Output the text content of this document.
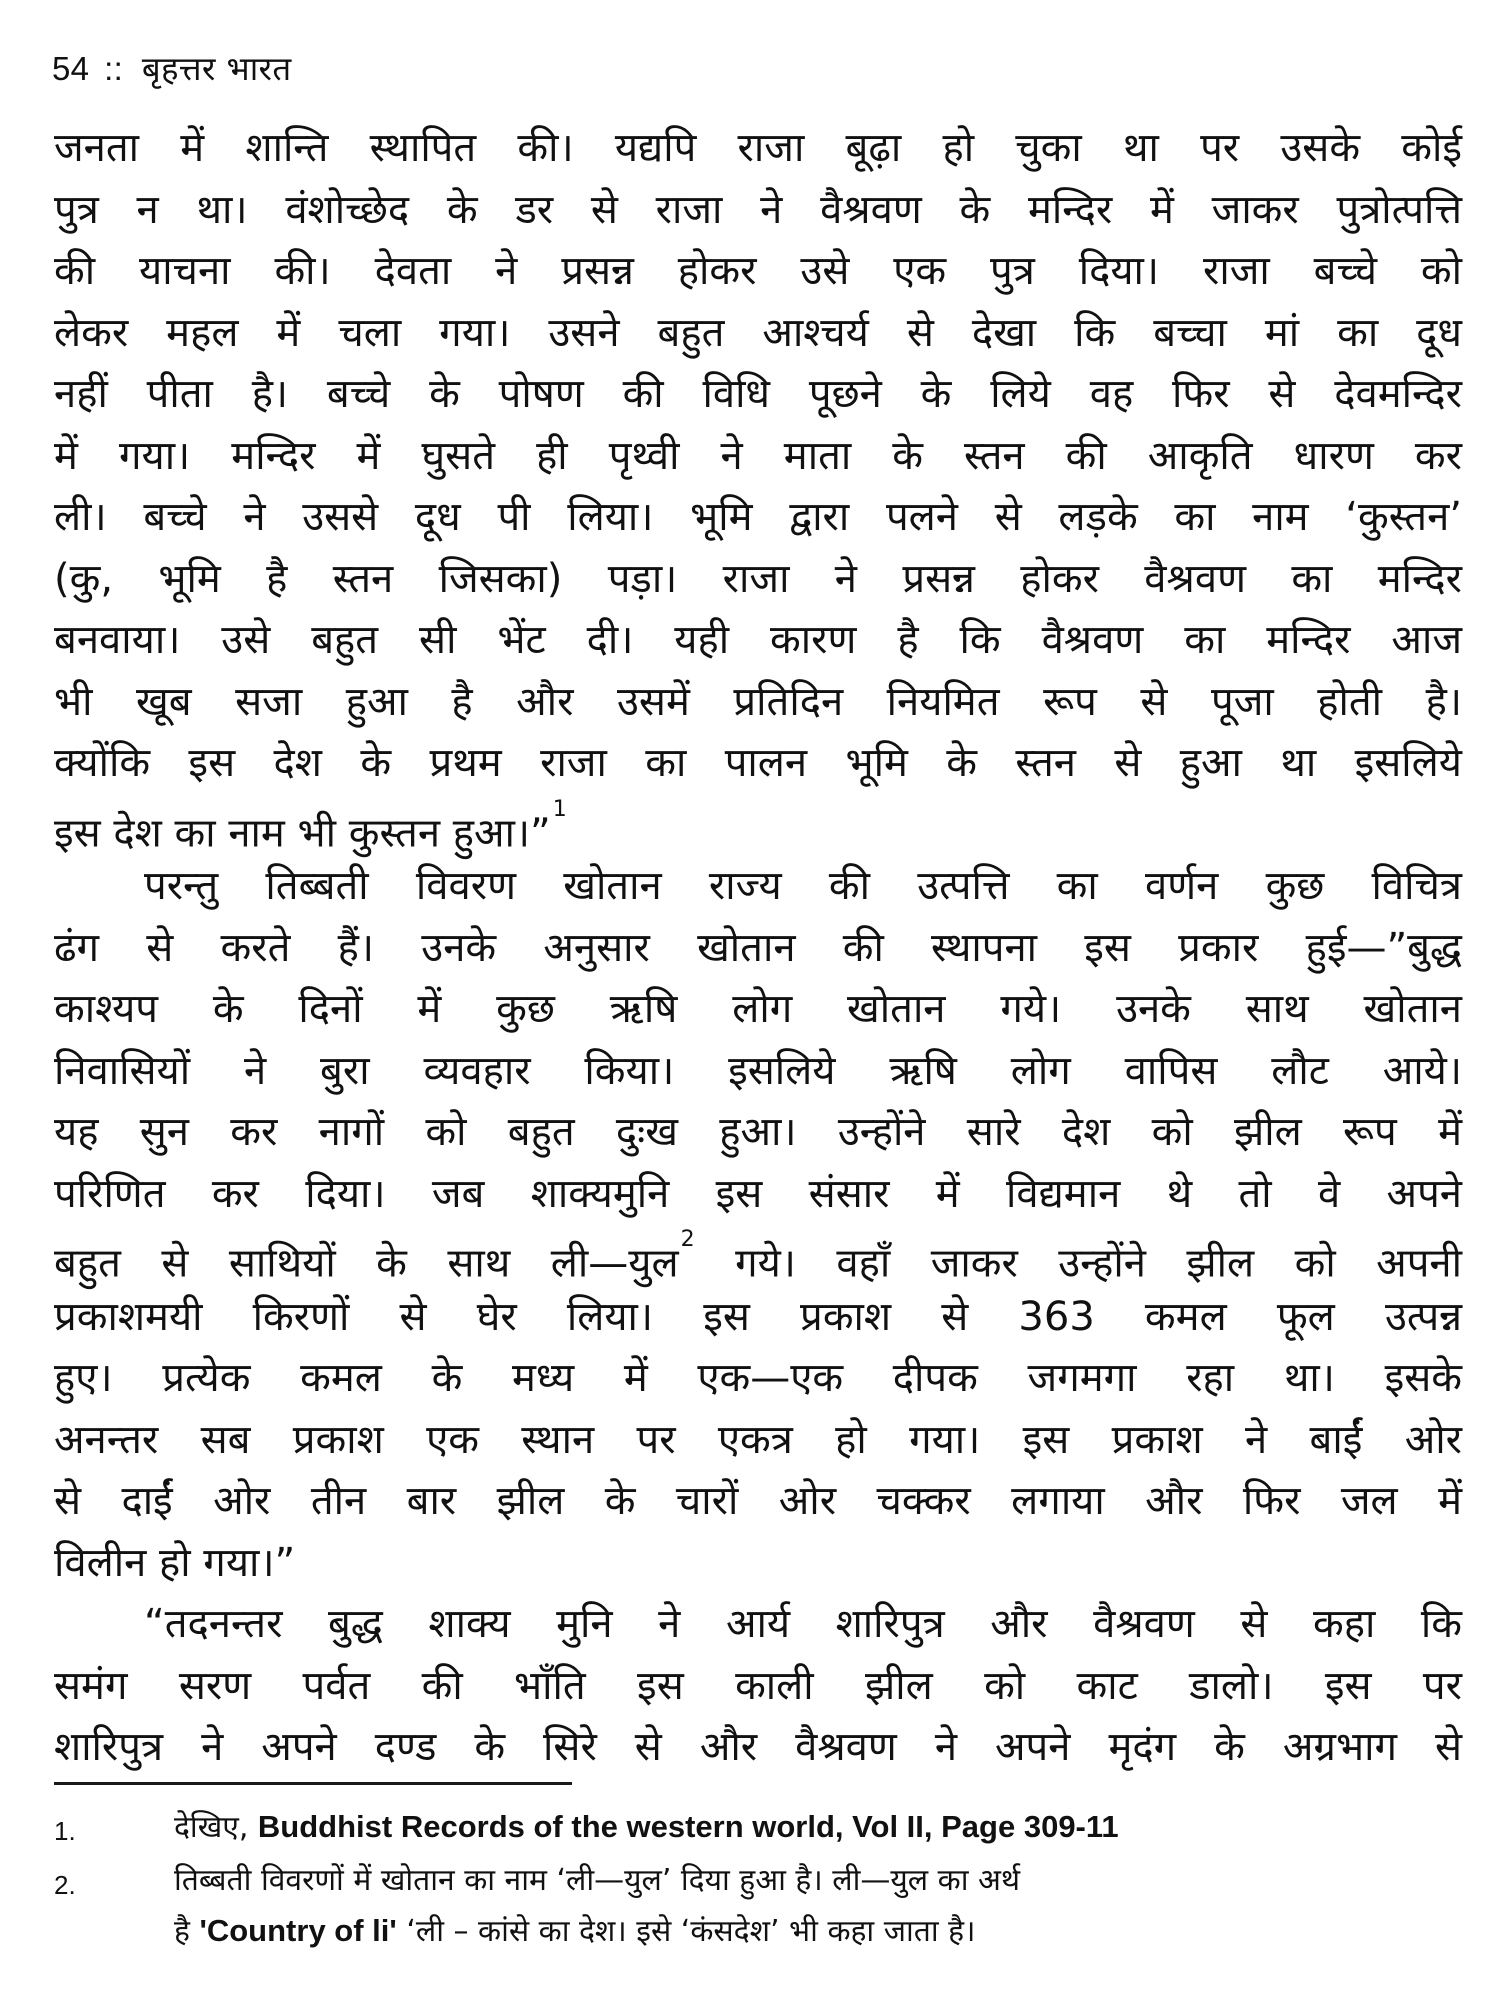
54 :: बृहत्तर भारत
जनता में शान्ति स्थापित की। यद्यपि राजा बूढ़ा हो चुका था पर उसके कोई
पुत्र न था। वंशोच्छेद के डर से राजा ने वैश्रवण के मन्दिर में जाकर पुत्रोत्पत्ति
की याचना की। देवता ने प्रसन्न होकर उसे एक पुत्र दिया। राजा बच्चे को
लेकर महल में चला गया। उसने बहुत आश्चर्य से देखा कि बच्चा मां का दूध
नहीं पीता है। बच्चे के पोषण की विधि पूछने के लिये वह फिर से देवमन्दिर
में गया। मन्दिर में घुसते ही पृथ्वी ने माता के स्तन की आकृति धारण कर
ली। बच्चे ने उससे दूध पी लिया। भूमि द्वारा पलने से लड़के का नाम ‘कुस्तन’
(कु, भूमि है स्तन जिसका) पड़ा। राजा ने प्रसन्न होकर वैश्रवण का मन्दिर
बनवाया। उसे बहुत सी भेंट दी। यही कारण है कि वैश्रवण का मन्दिर आज
भी खूब सजा हुआ है और उसमें प्रतिदिन नियमित रूप से पूजा होती है।
क्योंकि इस देश के प्रथम राजा का पालन भूमि के स्तन से हुआ था इसलिये
इस देश का नाम भी कुस्तन हुआ।”$^1$
परन्तु तिब्बती विवरण खोतान राज्य की उत्पत्ति का वर्णन कुछ विचित्र
ढंग से करते हैं। उनके अनुसार खोतान की स्थापना इस प्रकार हुई—”बुद्ध
काश्यप के दिनों में कुछ ऋषि लोग खोतान गये। उनके साथ खोतान
निवासियों ने बुरा व्यवहार किया। इसलिये ऋषि लोग वापिस लौट आये।
यह सुन कर नागों को बहुत दुःख हुआ। उन्होंने सारे देश को झील रूप में
परिणित कर दिया। जब शाक्यमुनि इस संसार में विद्यमान थे तो वे अपने
बहुत से साथियों के साथ ली—युल$^2$ गये। वहाँ जाकर उन्होंने झील को अपनी
प्रकाशमयी किरणों से घेर लिया। इस प्रकाश से 363 कमल फूल उत्पन्न
हुए। प्रत्येक कमल के मध्य में एक—एक दीपक जगमगा रहा था। इसके
अनन्तर सब प्रकाश एक स्थान पर एकत्र हो गया। इस प्रकाश ने बाईं ओर
से दाईं ओर तीन बार झील के चारों ओर चक्कर लगाया और फिर जल में
विलीन हो गया।”
“तदनन्तर बुद्ध शाक्य मुनि ने आर्य शारिपुत्र और वैश्रवण से कहा कि
समंग सरण पर्वत की भाँति इस काली झील को काट डालो। इस पर
शारिपुत्र ने अपने दण्ड के सिरे से और वैश्रवण ने अपने मृदंग के अग्रभाग से
1.	देखिए, Buddhist Records of the western world, Vol II, Page 309-11
2.	तिब्बती विवरणों में खोतान का नाम ‘ली—युल’ दिया हुआ है। ली—युल का अर्थ
है 'Country of li' ‘ली – कांसे का देश। इसे ‘कंसदेश’ भी कहा जाता है।
